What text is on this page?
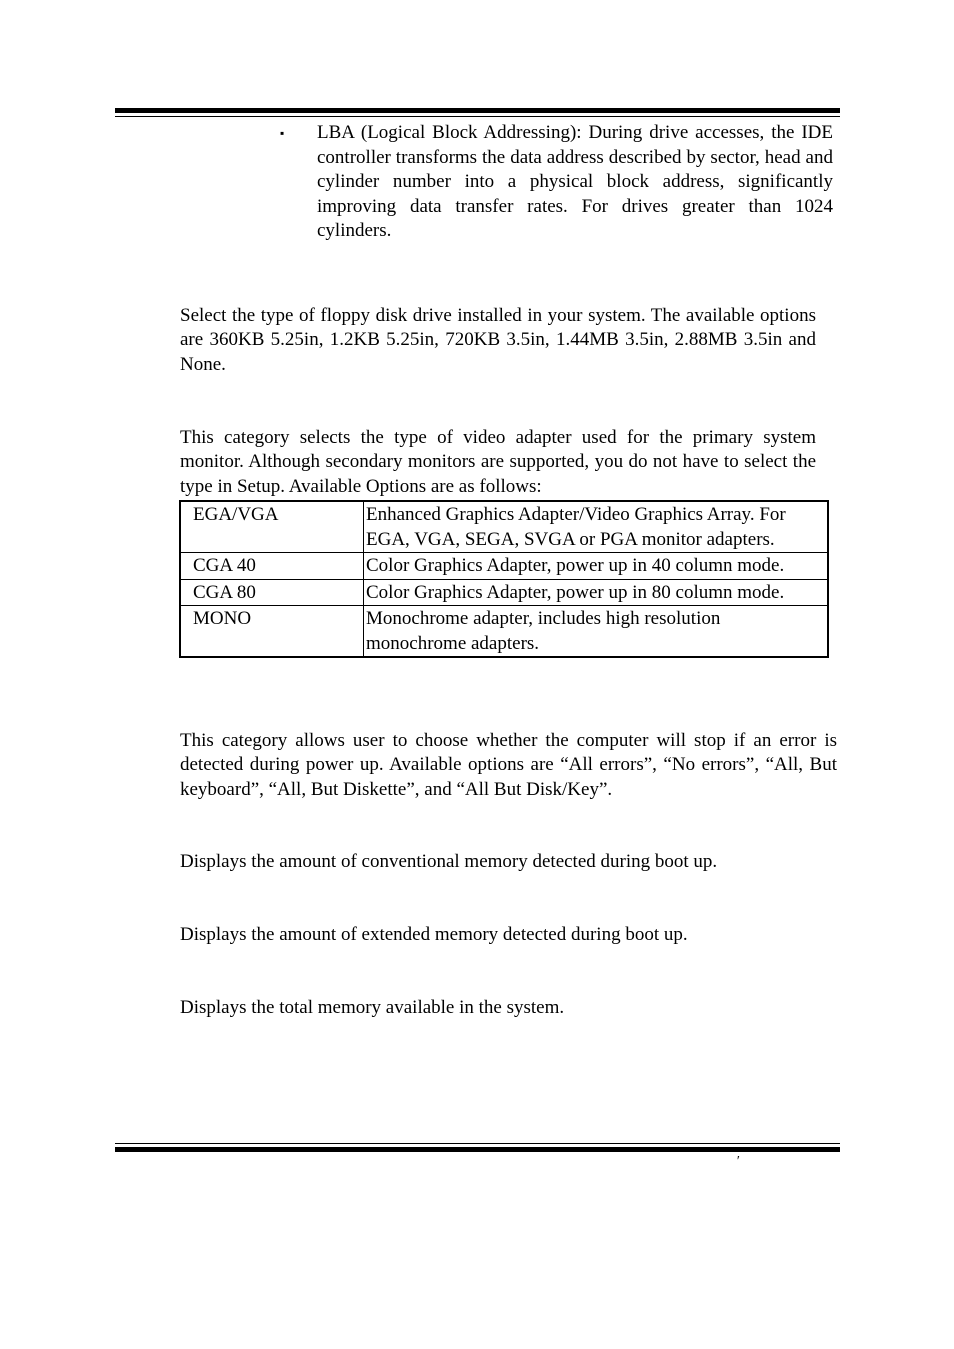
▪ LBA (Logical Block Addressing): During drive accesses, the IDE controller transforms the data address described by sector, head and cylinder number into a physical block address, significantly improving data transfer rates. For drives greater than 1024 cylinders.

Select the type of floppy disk drive installed in your system. The available options are 360KB 5.25in, 1.2KB 5.25in, 720KB 3.5in, 1.44MB 3.5in, 2.88MB 3.5in and None.

This category selects the type of video adapter used for the primary system monitor. Although secondary monitors are supported, you do not have to select the type in Setup. Available Options are as follows:

EGA/VGA	Enhanced Graphics Adapter/Video Graphics Array. For EGA, VGA, SEGA, SVGA or PGA monitor adapters.
CGA 40	Color Graphics Adapter, power up in 40 column mode.
CGA 80	Color Graphics Adapter, power up in 80 column mode.
MONO	Monochrome adapter, includes high resolution monochrome adapters.

This category allows user to choose whether the computer will stop if an error is detected during power up. Available options are “All errors”, “No errors”, “All, But keyboard”, “All, But Diskette”, and “All But Disk/Key”.

Displays the amount of conventional memory detected during boot up.

Displays the amount of extended memory detected during boot up.

Displays the total memory available in the system.

′
